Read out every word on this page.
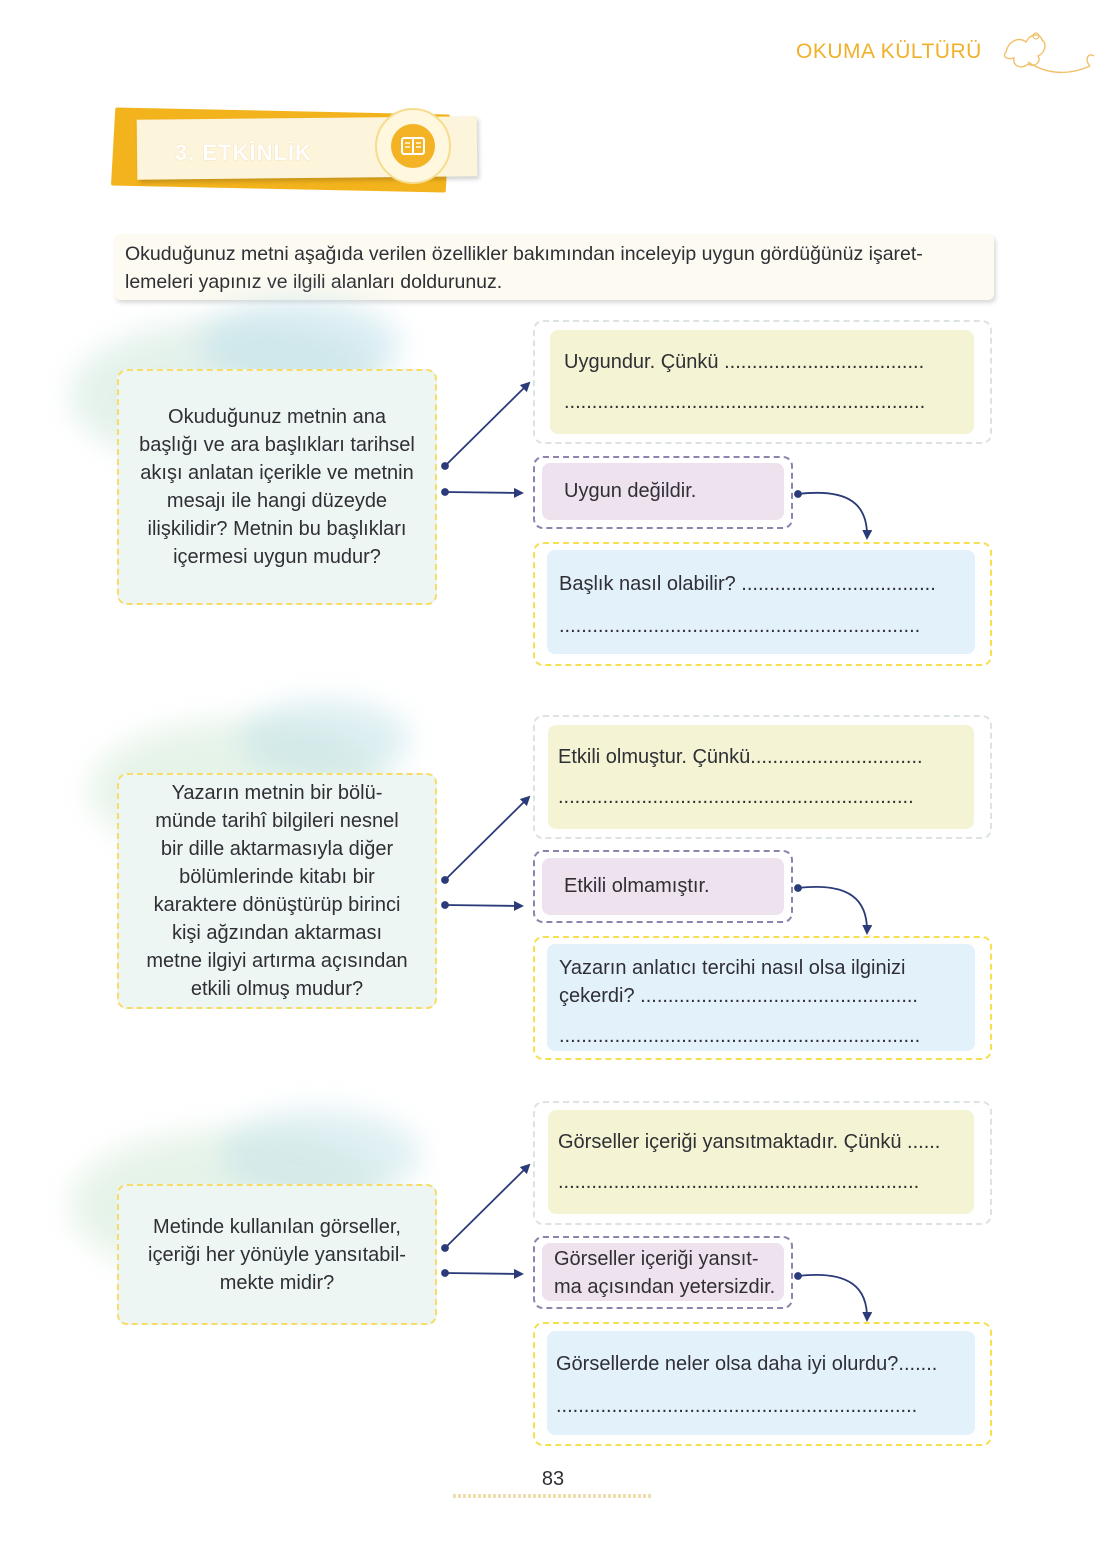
OKUMA KÜLTÜRÜ
3. ETKİNLİK

Okuduğunuz metni aşağıda verilen özellikler bakımından inceleyip uygun gördüğünüz işaret-
lemeleri yapınız ve ilgili alanları doldurunuz.

Okuduğunuz metnin ana
başlığı ve ara başlıkları tarihsel
akışı anlatan içerikle ve metnin
mesajı ile hangi düzeyde
ilişkilidir? Metnin bu başlıkları
içermesi uygun mudur?
Uygundur. Çünkü ....................................
.................................................................
Uygun değildir.
Başlık nasıl olabilir? ...................................
.................................................................
Yazarın metnin bir bölü-
münde tarihî bilgileri nesnel
bir dille aktarmasıyla diğer
bölümlerinde kitabı bir
karaktere dönüştürüp birinci
kişi ağzından aktarması
metne ilgiyi artırma açısından
etkili olmuş mudur?
Etkili olmuştur. Çünkü...............................
................................................................
Etkili olmamıştır.
Yazarın anlatıcı tercihi nasıl olsa ilginizi
çekerdi? ..................................................
.................................................................
Metinde kullanılan görseller,
içeriği her yönüyle yansıtabil-
mekte midir?
Görseller içeriği yansıtmaktadır. Çünkü ......
.................................................................
Görseller içeriği yansıt-
ma açısından yetersizdir.
Görsellerde neler olsa daha iyi olurdu?.......
.................................................................
83
